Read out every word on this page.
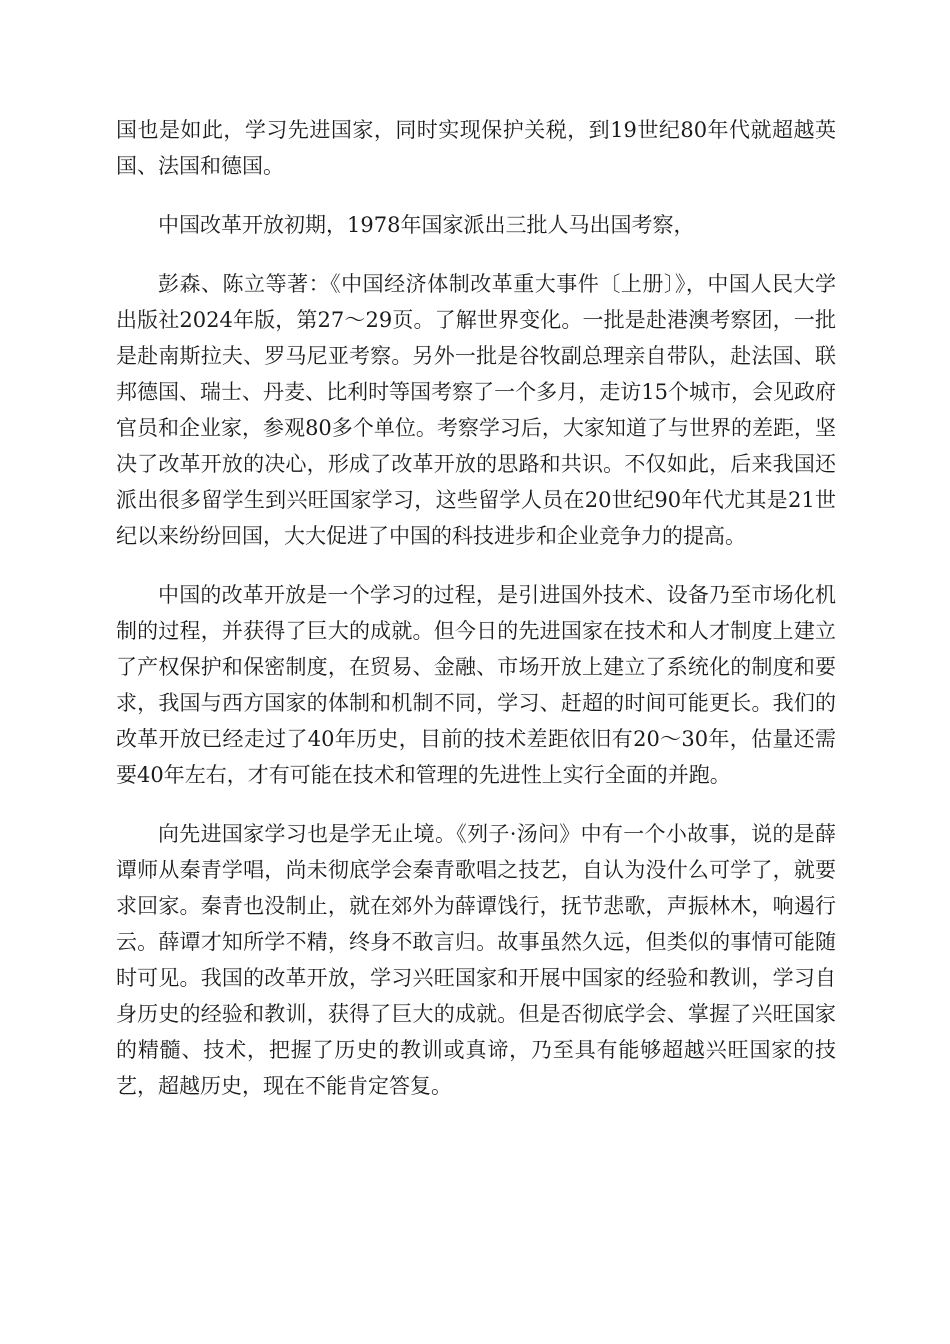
国也是如此，学习先进国家，同时实现保护关税，到19世纪80年代就超越英国、法国和德国。

中国改革开放初期，1978年国家派出三批人马出国考察，

彭森、陈立等著：《中国经济体制改革重大事件〔上册〕》，中国人民大学出版社2024年版，第27～29页。了解世界变化。一批是赴港澳考察团，一批是赴南斯拉夫、罗马尼亚考察。另外一批是谷牧副总理亲自带队，赴法国、联邦德国、瑞士、丹麦、比利时等国考察了一个多月，走访15个城市，会见政府官员和企业家，参观80多个单位。考察学习后，大家知道了与世界的差距，坚决了改革开放的决心，形成了改革开放的思路和共识。不仅如此，后来我国还派出很多留学生到兴旺国家学习，这些留学人员在20世纪90年代尤其是21世纪以来纷纷回国，大大促进了中国的科技进步和企业竞争力的提高。

中国的改革开放是一个学习的过程，是引进国外技术、设备乃至市场化机制的过程，并获得了巨大的成就。但今日的先进国家在技术和人才制度上建立了产权保护和保密制度，在贸易、金融、市场开放上建立了系统化的制度和要求，我国与西方国家的体制和机制不同，学习、赶超的时间可能更长。我们的改革开放已经走过了40年历史，目前的技术差距依旧有20～30年，估量还需要40年左右，才有可能在技术和管理的先进性上实行全面的并跑。

向先进国家学习也是学无止境。《列子·汤问》中有一个小故事，说的是薛谭师从秦青学唱，尚未彻底学会秦青歌唱之技艺，自认为没什么可学了，就要求回家。秦青也没制止，就在郊外为薛谭饯行，抚节悲歌，声振林木，响遏行云。薛谭才知所学不精，终身不敢言归。故事虽然久远，但类似的事情可能随时可见。我国的改革开放，学习兴旺国家和开展中国家的经验和教训，学习自身历史的经验和教训，获得了巨大的成就。但是否彻底学会、掌握了兴旺国家的精髓、技术，把握了历史的教训或真谛，乃至具有能够超越兴旺国家的技艺，超越历史，现在不能肯定答复。
